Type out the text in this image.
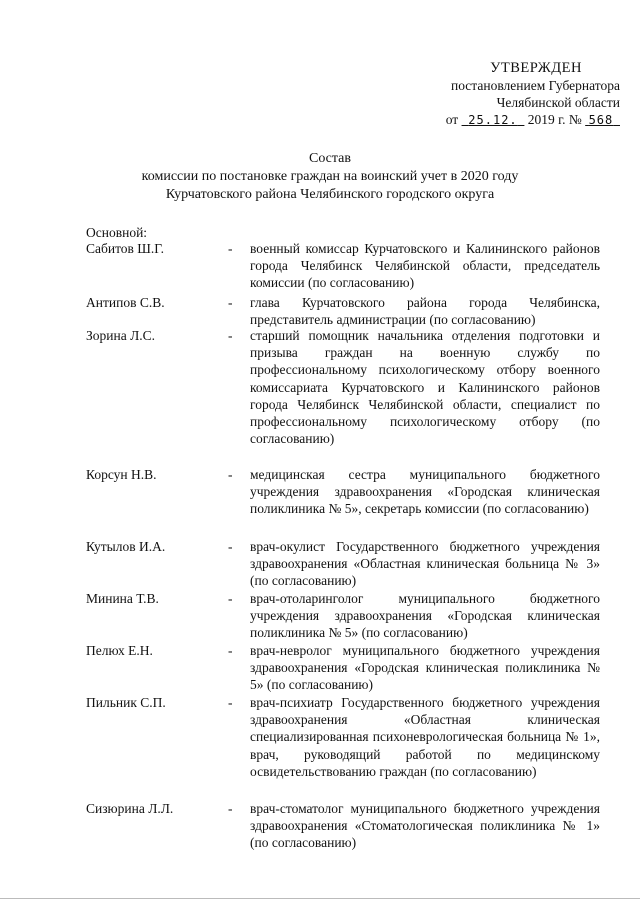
УТВЕРЖДЕН
постановлением Губернатора
Челябинской области
от 25.12. 2019 г. № 568
Состав
комиссии по постановке граждан на воинский учет в 2020 году
Курчатовского района Челябинского городского округа
Основной:
Сабитов Ш.Г.	- военный комиссар Курчатовского и Калининского районов города Челябинск Челябинской области, председатель комиссии (по согласованию)
Антипов С.В.	- глава Курчатовского района города Челябинска, представитель администрации (по согласованию)
Зорина Л.С.	- старший помощник начальника отделения подготовки и призыва граждан на военную службу по профессиональному психологическому отбору военного комиссариата Курчатовского и Калининского районов города Челябинск Челябинской области, специалист по профессиональному психологическому отбору (по согласованию)
Корсун Н.В.	- медицинская сестра муниципального бюджетного учреждения здравоохранения «Городская клиническая поликлиника № 5», секретарь комиссии (по согласованию)
Кутылов И.А.	- врач-окулист Государственного бюджетного учреждения здравоохранения «Областная клиническая больница № 3» (по согласованию)
Минина Т.В.	- врач-отоларинголог муниципального бюджетного учреждения здравоохранения «Городская клиническая поликлиника № 5» (по согласованию)
Пелюх Е.Н.	- врач-невролог муниципального бюджетного учреждения здравоохранения «Городская клиническая поликлиника № 5» (по согласованию)
Пильник С.П.	- врач-психиатр Государственного бюджетного учреждения здравоохранения «Областная клиническая специализированная психоневрологическая больница № 1», врач, руководящий работой по медицинскому освидетельствованию граждан (по согласованию)
Сизюрина Л.Л.	- врач-стоматолог муниципального бюджетного учреждения здравоохранения «Стоматологическая поликлиника № 1» (по согласованию)
